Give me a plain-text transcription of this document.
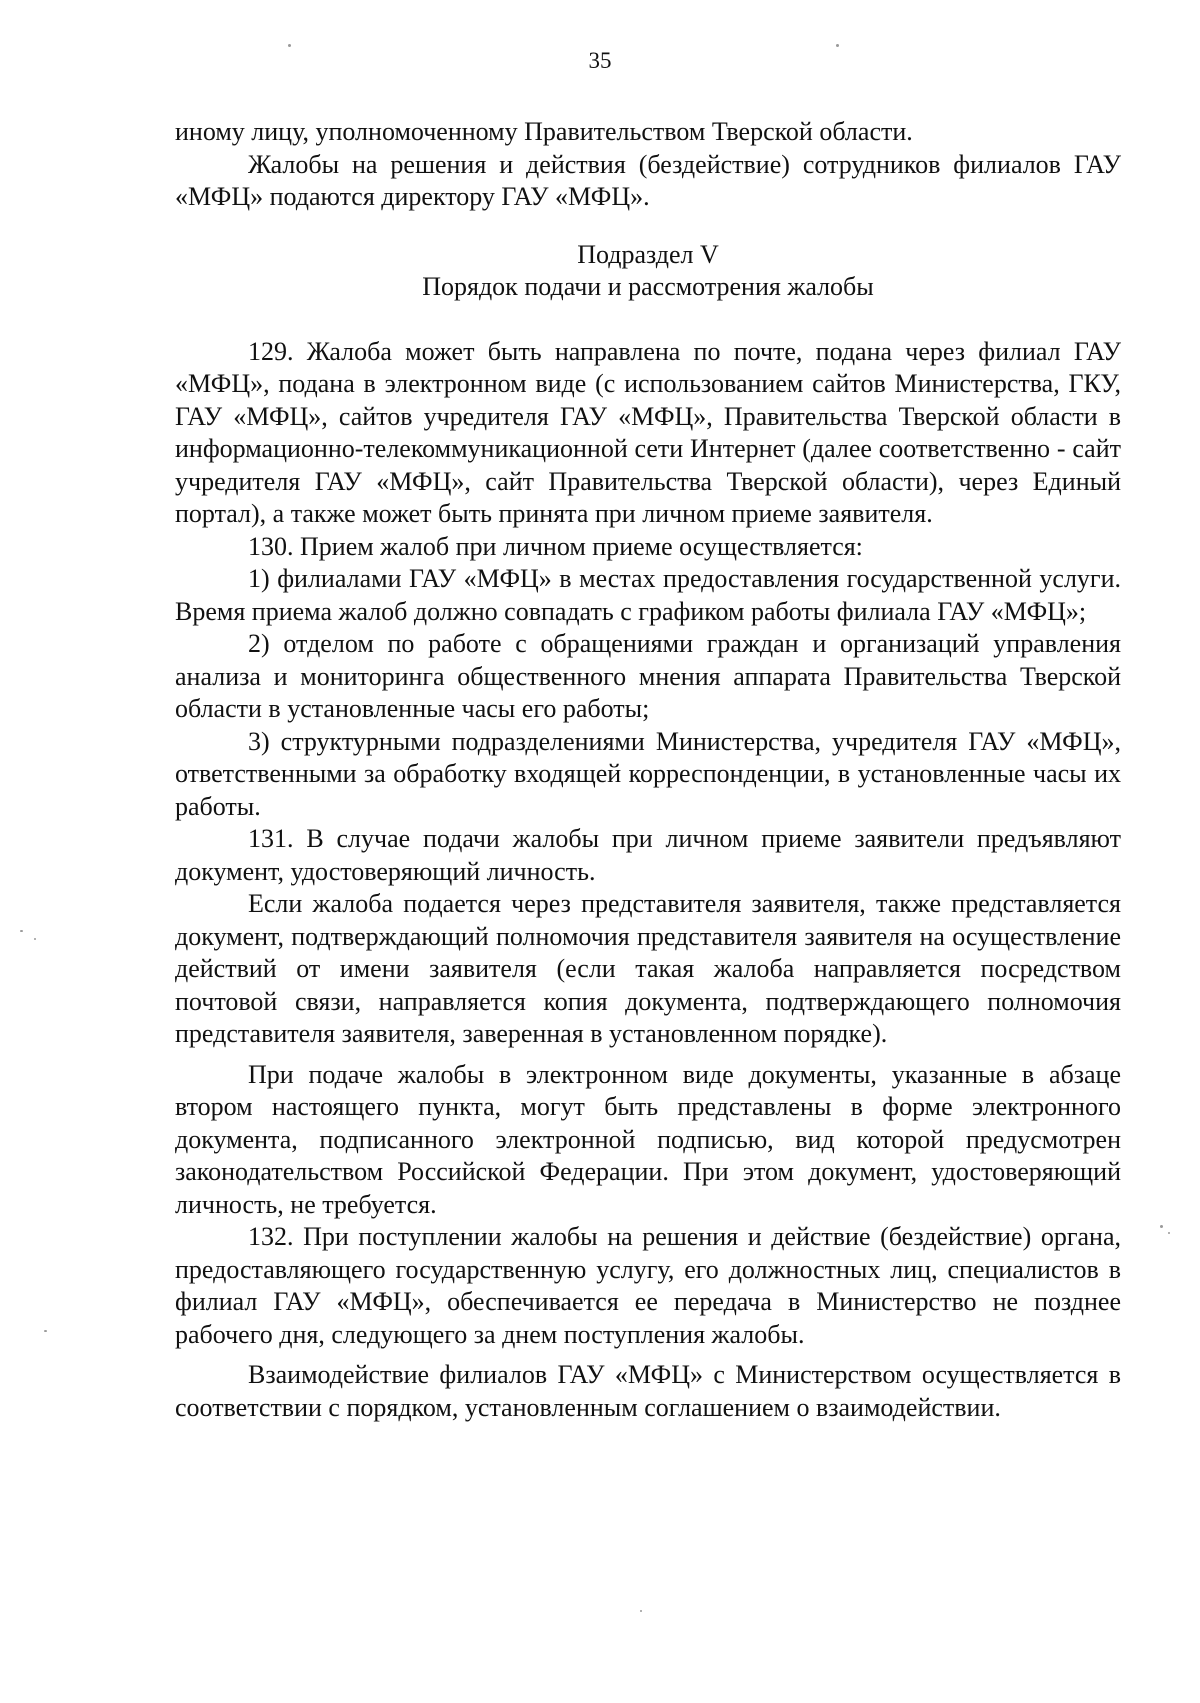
35

иному лицу, уполномоченному Правительством Тверской области.

Жалобы на решения и действия (бездействие) сотрудников филиалов ГАУ «МФЦ» подаются директору ГАУ «МФЦ».

Подраздел V

Порядок подачи и рассмотрения жалобы

129. Жалоба может быть направлена по почте, подана через филиал ГАУ «МФЦ», подана в электронном виде (с использованием сайтов Министерства, ГКУ, ГАУ «МФЦ», сайтов учредителя ГАУ «МФЦ», Правительства Тверской области в информационно-телекоммуникационной сети Интернет (далее соответственно - сайт учредителя ГАУ «МФЦ», сайт Правительства Тверской области), через Единый портал), а также может быть принята при личном приеме заявителя.

130. Прием жалоб при личном приеме осуществляется:

1) филиалами ГАУ «МФЦ» в местах предоставления государственной услуги. Время приема жалоб должно совпадать с графиком работы филиала ГАУ «МФЦ»;

2) отделом по работе с обращениями граждан и организаций управления анализа и мониторинга общественного мнения аппарата Правительства Тверской области в установленные часы его работы;

3) структурными подразделениями Министерства, учредителя ГАУ «МФЦ», ответственными за обработку входящей корреспонденции, в установленные часы их работы.

131. В случае подачи жалобы при личном приеме заявители предъявляют документ, удостоверяющий личность.

Если жалоба подается через представителя заявителя, также представляется документ, подтверждающий полномочия представителя заявителя на осуществление действий от имени заявителя (если такая жалоба направляется посредством почтовой связи, направляется копия документа, подтверждающего полномочия представителя заявителя, заверенная в установленном порядке).

При подаче жалобы в электронном виде документы, указанные в абзаце втором настоящего пункта, могут быть представлены в форме электронного документа, подписанного электронной подписью, вид которой предусмотрен законодательством Российской Федерации. При этом документ, удостоверяющий личность, не требуется.

132. При поступлении жалобы на решения и действие (бездействие) органа, предоставляющего государственную услугу, его должностных лиц, специалистов в филиал ГАУ «МФЦ», обеспечивается ее передача в Министерство не позднее рабочего дня, следующего за днем поступления жалобы.

Взаимодействие филиалов ГАУ «МФЦ» с Министерством осуществляется в соответствии с порядком, установленным соглашением о взаимодействии.
